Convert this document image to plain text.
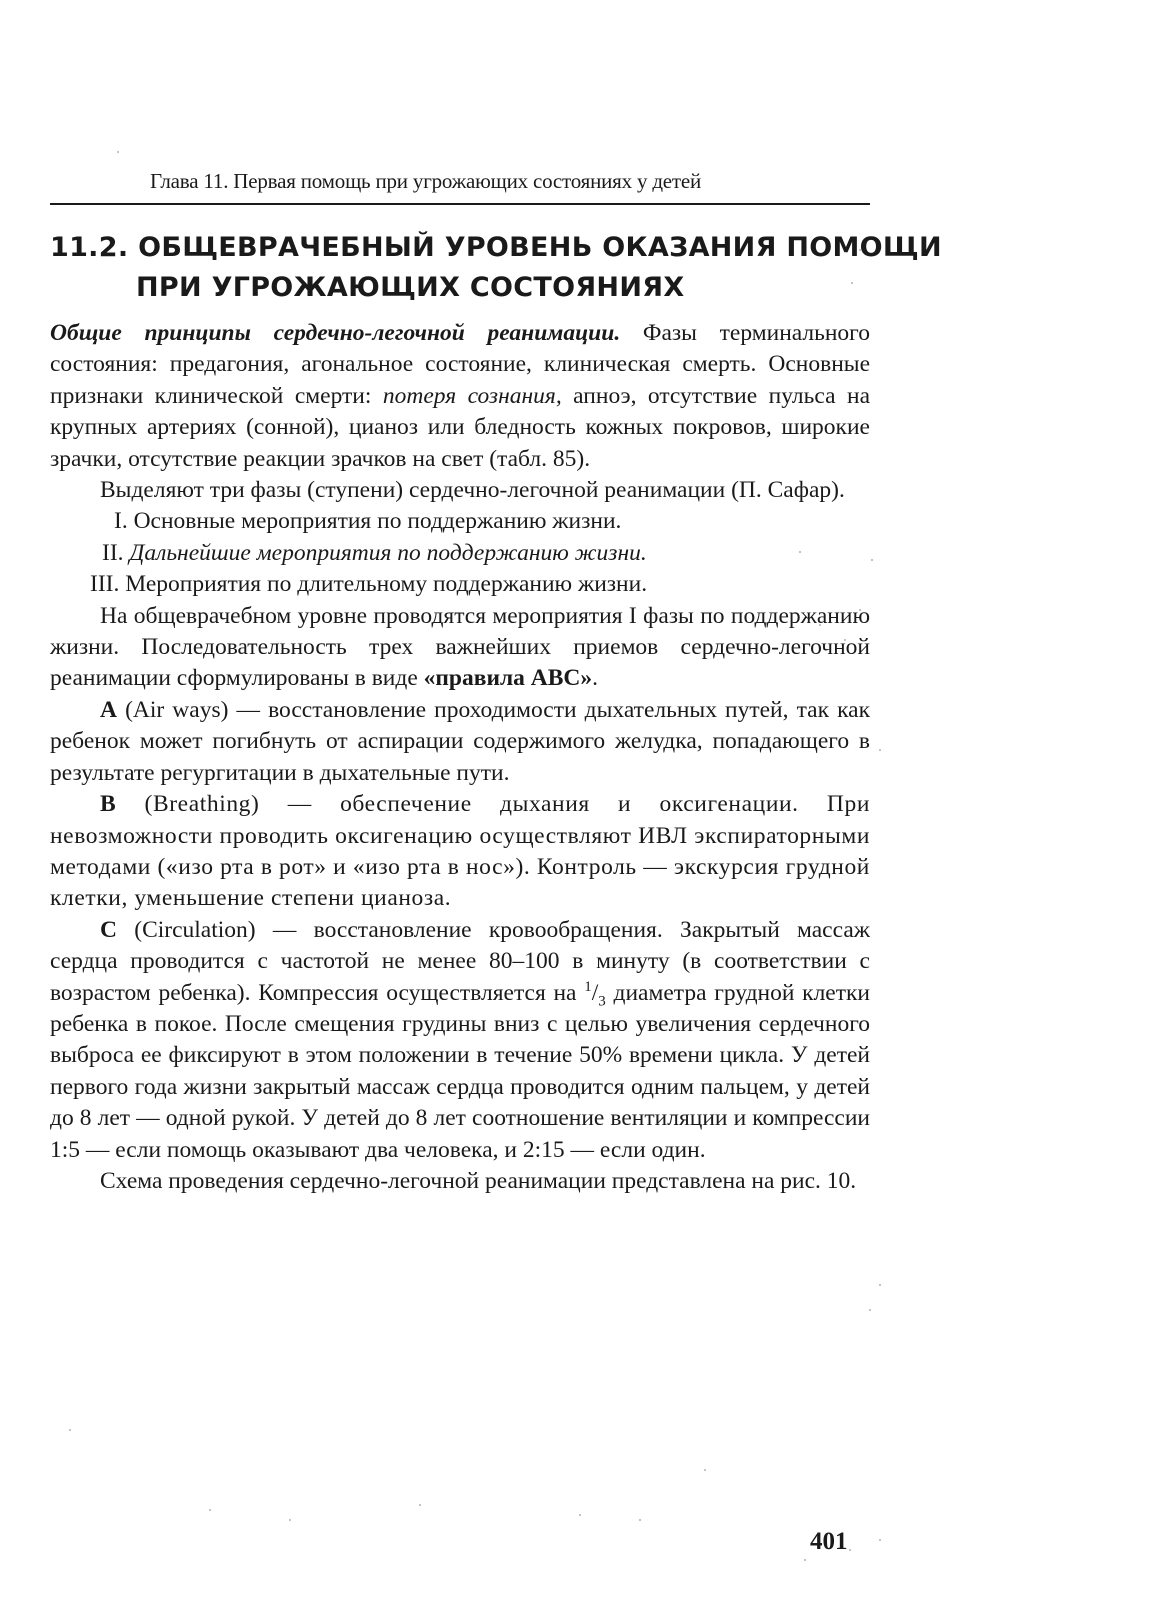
Глава 11. Первая помощь при угрожающих состояниях у детей
11.2. ОБЩЕВРАЧЕБНЫЙ УРОВЕНЬ ОКАЗАНИЯ ПОМОЩИ
ПРИ УГРОЖАЮЩИХ СОСТОЯНИЯХ

Общие принципы сердечно-легочной реанимации. Фазы терминального состояния: предагония, агональное состояние, клиническая смерть. Основные признаки клинической смерти: потеря сознания, апноэ, отсутствие пульса на крупных артериях (сонной), цианоз или бледность кожных покровов, широкие зрачки, отсутствие реакции зрачков на свет (табл. 85).

Выделяют три фазы (ступени) сердечно-легочной реанимации (П. Сафар).

I. Основные мероприятия по поддержанию жизни.

II. Дальнейшие мероприятия по поддержанию жизни.

III. Мероприятия по длительному поддержанию жизни.

На общеврачебном уровне проводятся мероприятия I фазы по поддержанию жизни. Последовательность трех важнейших приемов сердечно-легочной реанимации сформулированы в виде «правила ABC».

А (Air ways) — восстановление проходимости дыхательных путей, так как ребенок может погибнуть от аспирации содержимого желудка, попадающего в результате регургитации в дыхательные пути.

В (Breathing) — обеспечение дыхания и оксигенации. При невозможности проводить оксигенацию осуществляют ИВЛ экспираторными методами («изо рта в рот» и «изо рта в нос»). Контроль — экскурсия грудной клетки, уменьшение степени цианоза.

С (Circulation) — восстановление кровообращения. Закрытый массаж сердца проводится с частотой не менее 80–100 в минуту (в соответствии с возрастом ребенка). Компрессия осуществляется на $^1/_3$ диаметра грудной клетки ребенка в покое. После смещения грудины вниз с целью увеличения сердечного выброса ее фиксируют в этом положении в течение 50% времени цикла. У детей первого года жизни закрытый массаж сердца проводится одним пальцем, у детей до 8 лет — одной рукой. У детей до 8 лет соотношение вентиляции и компрессии 1:5 — если помощь оказывают два человека, и 2:15 — если один.

Схема проведения сердечно-легочной реанимации представлена на рис. 10.

401
